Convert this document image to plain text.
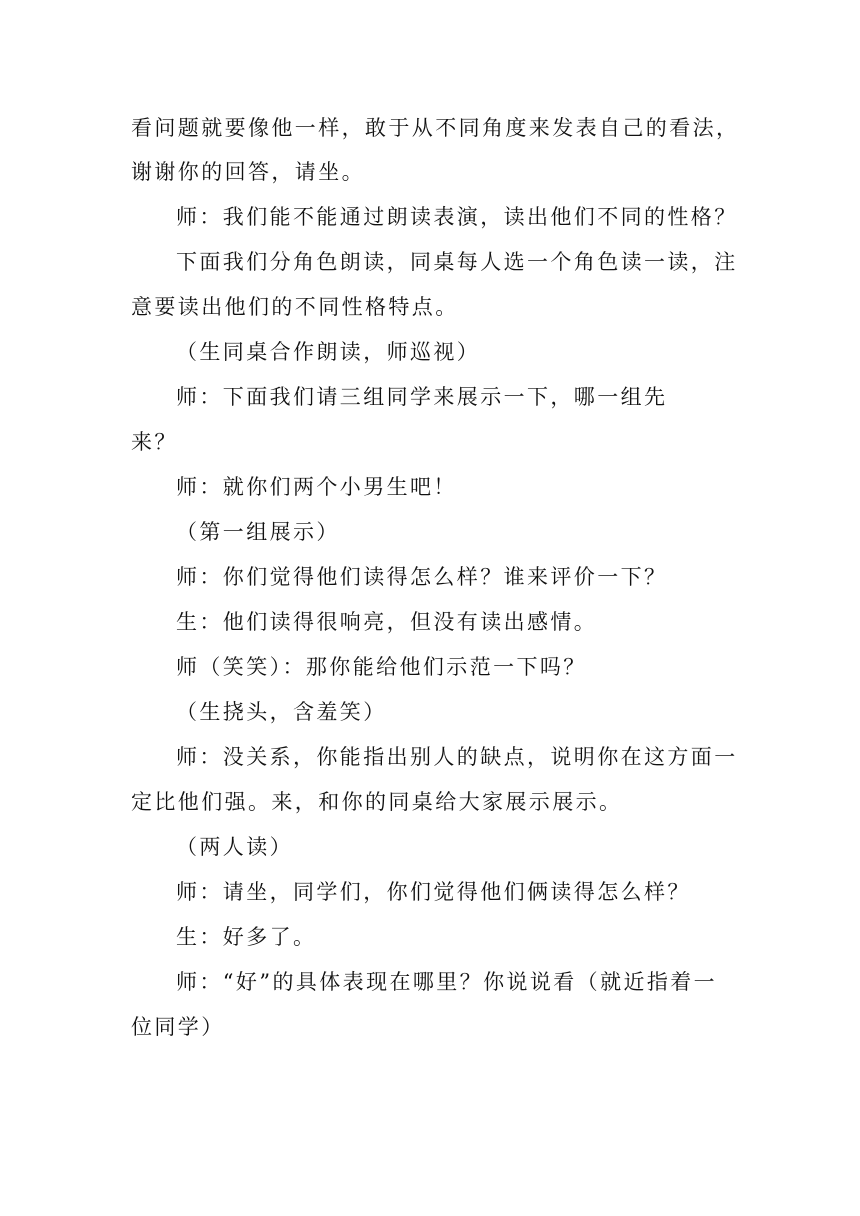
看问题就要像他一样，敢于从不同角度来发表自己的看法，
谢谢你的回答，请坐。
师：我们能不能通过朗读表演，读出他们不同的性格？
下面我们分角色朗读，同桌每人选一个角色读一读，注
意要读出他们的不同性格特点。
（生同桌合作朗读，师巡视）
师：下面我们请三组同学来展示一下，哪一组先
来？
师：就你们两个小男生吧！
（第一组展示）
师：你们觉得他们读得怎么样？谁来评价一下？
生：他们读得很响亮，但没有读出感情。
师（笑笑）：那你能给他们示范一下吗？
（生挠头，含羞笑）
师：没关系，你能指出别人的缺点，说明你在这方面一
定比他们强。来，和你的同桌给大家展示展示。
（两人读）
师：请坐，同学们，你们觉得他们俩读得怎么样？
生：好多了。
师：“好”的具体表现在哪里？你说说看（就近指着一
位同学）
